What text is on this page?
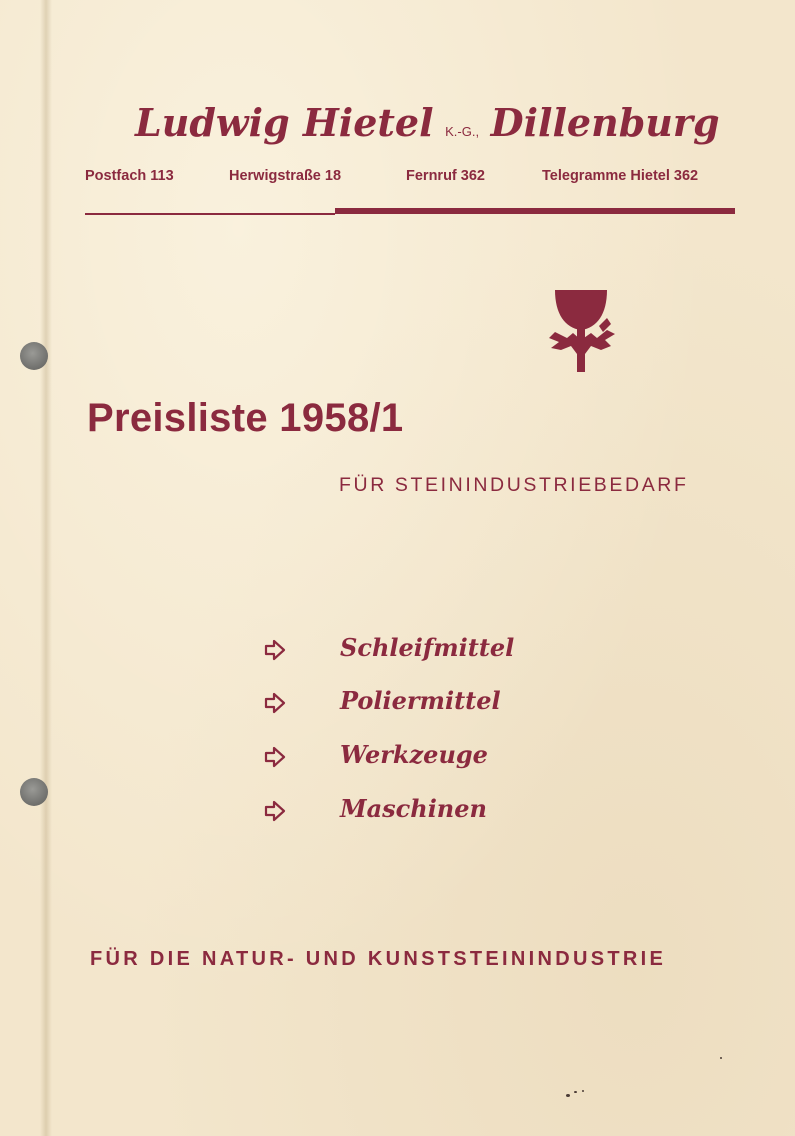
Ludwig Hietel K.-G., Dillenburg
Postfach 113	Herwigstraße 18	Fernruf 362	Telegramme Hietel 362
Preisliste 1958/1
FÜR STEININDUSTRIEBEDARF
Schleifmittel
Poliermittel
Werkzeuge
Maschinen
FÜR DIE NATUR- UND KUNSTSTEININDUSTRIE
